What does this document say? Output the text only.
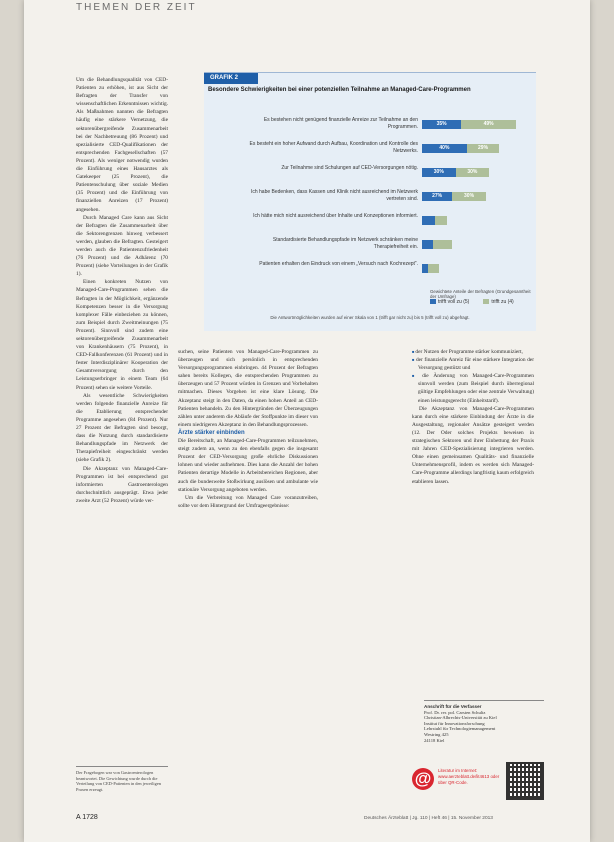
THEMEN DER ZEIT

Um die Behandlungsqualität von CED-Patienten zu erhöhen, ist aus Sicht der Befragten der Transfer von wissenschaftlichen Erkenntnissen wichtig. Als Maßnahmen nannten die Befragten häufig eine stärkere Vernetzung, die sektorenübergreifende Zusammenarbeit bei der Nachbetreuung (86 Prozent) und spezialisierte CED-Qualifikationen der entsprechenden Fachgesellschaften (57 Prozent). Als weniger notwendig wurden die Einführung eines Hausarztes als Gatekeeper (25 Prozent), die Patientenschulung über soziale Medien (35 Prozent) und die Einführung von finanziellen Anreizen (17 Prozent) angesehen.

Durch Managed Care kann aus Sicht der Befragten die Zusammenarbeit über die Sektorengrenzen hinweg verbessert werden, glauben die Befragten. Gesteigert werden auch die Patientenzufriedenheit (76 Prozent) und die Adhärenz (70 Prozent) (siehe Vorteilungen in der Grafik 1).

Einen konkreten Nutzen von Managed-Care-Programmen sehen die Befragten in der Möglichkeit, ergänzende Kompetenzen besser in die Versorgung komplexer Fälle einbeziehen zu können, zum Beispiel durch Zweitmeinungen (75 Prozent). Sinnvoll sind zudem eine sektorenübergreifende Zusammenarbeit von Krankenhäusern (75 Prozent), in CED-Fallkonferenzen (61 Prozent) und in fester Interdisziplinärer Kooperation der Gesamtversorgung durch den Leistungserbringer in einem Team (64 Prozent) sehen sie weitere Vorteile.

Als wesentliche Schwierigkeiten werden folgende finanzielle Anreize für die Etablierung entsprechender Programme angesehen (84 Prozent). Nur 27 Prozent der Befragten sind besorgt, dass die Nutzung durch standardisierte Behandlungspfade im Netzwerk der Therapiefreiheit eingeschränkt werden (siehe Grafik 2).

Die Akzeptanz von Managed-Care-Programmen ist bei entsprechend gut informierten Gastroenterologen durchschnittlich ausgeprägt. Etwa jeder zweite Arzt (52 Prozent) würde ver-

GRAFIK 2
Besondere Schwierigkeiten bei einer potenziellen Teilnahme an Managed-Care-Programmen
Es bestehen nicht genügend finanzielle Anreize zur Teilnahme an den Programmen.	35%	49%
Es besteht ein hoher Aufwand durch Aufbau, Koordination und Kontrolle des Netzwerks.	40%	29%
Zur Teilnahme sind Schulungen auf CED-Versorgungen nötig.
30%	30%
Ich habe Bedenken, dass Kassen und Klinik nicht ausreichend im Netzwerk vertreten sind.	27%	30%
Ich hätte mich nicht ausreichend über Inhalte und Konzeptionen informiert.
Standardisierte Behandlungspfade im Netzwerk schränken meine Therapiefreiheit ein.
Patienten erhalten den Eindruck von einem „Versuch nach Kochrezept“.
Gewichtete Anteile der Befragten (Grundgesamtheit der Umfrage)
trifft voll zu (5)	trifft zu (4)
Die Antwortmöglichkeiten wurden auf einer Skala von 1 (trifft gar nicht zu) bis 5 (trifft voll zu) abgefragt.

suchen, seine Patienten von Managed-Care-Programmen zu überzeugen und sich persönlich in entsprechenden Versorgungsprogrammen einbringen. 44 Prozent der Befragten sahen bereits Kollegen, die entsprechenden Programmen zu überzeugen und 57 Prozent würden in Grenzen und Vorbehalten mitmachen. Dieses Vorgehen ist eine klare Lösung. Die Akzeptanz steigt in den Daten, da einen hohen Anteil an CED-Patienten behandeln. Zu den Hintergründen der Überzeugungen zählen unter anderem die Abläufe der Stoffpunkte im dieser von einem niedrigeren Akzeptanz in den Behandlungsprozessen.

Ärzte stärker einbinden

Die Bereitschaft, an Managed-Care-Programmen teilzunehmen, steigt zudem an, wenn zu den ebenfalls gegen die insgesamt Prozent der CED-Versorgung große ehrliche Diskussionen lohnen und wieder aufnehmen. Dies kann die Anzahl der hohen Patienten derartige Modelle in Arbeitsbereichen Regionen, aber auch die bundesweite Stoßwirkung auslösen und ambulante wie stationäre Versorgung angeboten werden.

Um die Verbreitung von Managed Care voranzutreiben, sollte vor dem Hintergrund der Umfrageergebnisse:

■ der Nutzen der Programme stärker kommuniziert,

■ der finanzielle Anreiz für eine stärkere Integration der Versorgung gestützt und

■ die Änderung von Managed-Care-Programmen sinnvoll werden (zum Beispiel durch überregional gültige Empfehlungen oder eine zentrale Verwaltung) einen leistungsgerecht (Einheitstarif).

Die Akzeptanz von Managed-Care-Programmen kann durch eine stärkere Einbindung der Ärzte in die Ausgestaltung, regionaler Ansätze gesteigert werden (12. Der Oder solches Projekts beweisen in strategischen Sektoren und ihrer Einbettung der Praxis mit Jahren CED-Spezialisierung integrieren werden. Ohne einen gemeinsamen Qualitäts- und finanzielle Unternehmensprofil, indem es werden sich Managed-Care-Programme allerdings langfristig kaum erfolgreich etablieren lassen.

Anschrift für die Verfasser
Prof. Dr. rer. pol. Carsten Schultz
Christian-Albrechts-Universität zu Kiel
Institut für Innovationsforschung
Lehrstuhl für Technologiemanagement
Westring 425
24118 Kiel
@	Literatur im Internet: www.aerzteblatt.de/lit4613 oder über QR-Code.
Der Fragebogen war von Gastroenterologen beantwortet. Die Gewichtung wurde durch die Verteilung von CED-Patienten in den jeweiligen Praxen erzeugt.
A 1728	Deutsches Ärzteblatt | Jg. 110 | Heft 46 | 15. November 2013
